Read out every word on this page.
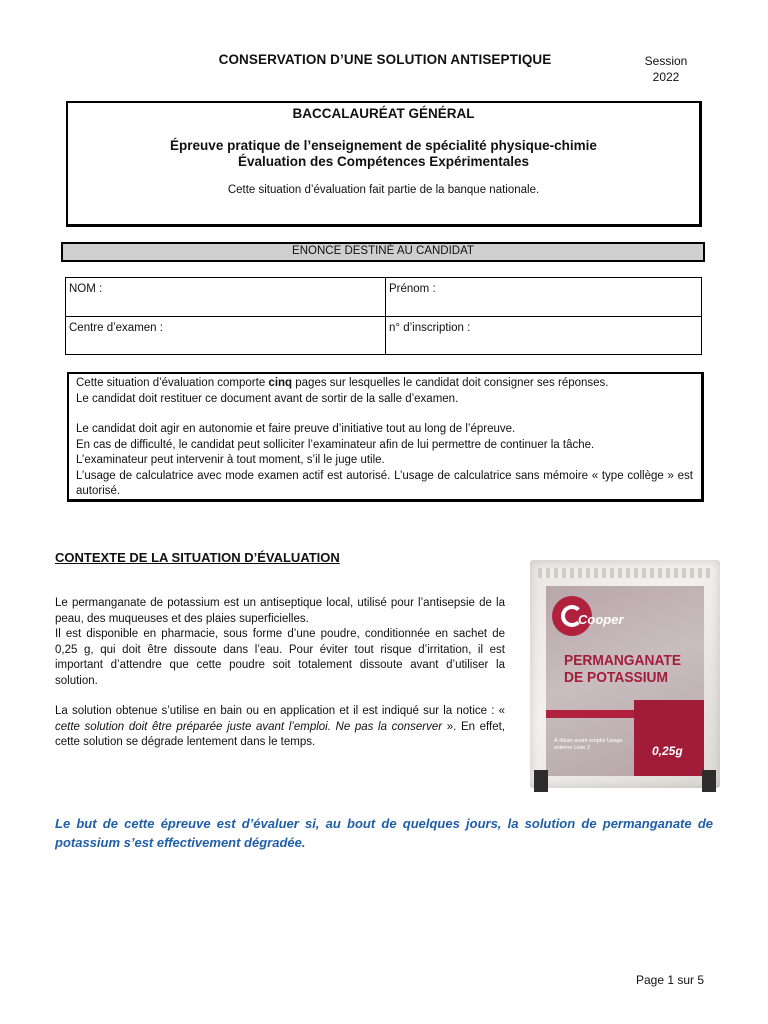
CONSERVATION D’UNE SOLUTION ANTISEPTIQUE	Session
2022
BACCALAURÉAT GÉNÉRAL
Épreuve pratique de l’enseignement de spécialité physique-chimie
Évaluation des Compétences Expérimentales
Cette situation d’évaluation fait partie de la banque nationale.
ENONCE DESTINÉ AU CANDIDAT
NOM :	Prénom :
Centre d’examen :	n° d’inscription :

Cette situation d’évaluation comporte cinq pages sur lesquelles le candidat doit consigner ses réponses.

Le candidat doit restituer ce document avant de sortir de la salle d’examen.

Le candidat doit agir en autonomie et faire preuve d’initiative tout au long de l’épreuve.

En cas de difficulté, le candidat peut solliciter l’examinateur afin de lui permettre de continuer la tâche.

L’examinateur peut intervenir à tout moment, s’il le juge utile.

L’usage de calculatrice avec mode examen actif est autorisé. L’usage de calculatrice sans mémoire « type collège » est autorisé.

CONTEXTE DE LA SITUATION D’ÉVALUATION

Le permanganate de potassium est un antiseptique local, utilisé pour l’antisepsie de la peau, des muqueuses et des plaies superficielles.

Il est disponible en pharmacie, sous forme d’une poudre, conditionnée en sachet de 0,25 g, qui doit être dissoute dans l’eau. Pour éviter tout risque d’irritation, il est important d’attendre que cette poudre soit totalement dissoute avant d’utiliser la solution.

La solution obtenue s’utilise en bain ou en application et il est indiqué sur la notice : « cette solution doit être préparée juste avant l’emploi. Ne pas la conserver ». En effet, cette solution se dégrade lentement dans le temps.

Cooper
PERMANGANATE
DE POTASSIUM
À diluer avant emploi Usage externe Liste 2	0,25g
Le but de cette épreuve est d’évaluer si, au bout de quelques jours, la solution de permanganate de potassium s’est effectivement dégradée.
Page 1 sur 5
